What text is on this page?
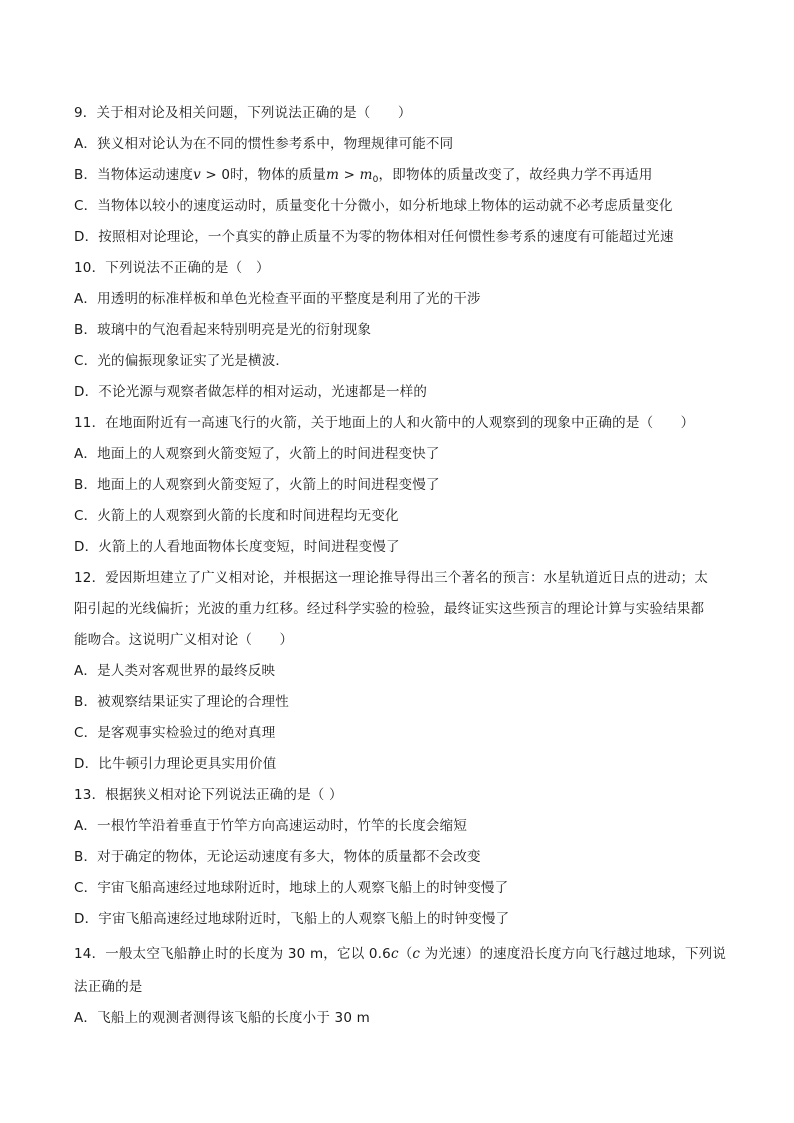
9．关于相对论及相关问题，下列说法正确的是（　　）
A．狭义相对论认为在不同的惯性参考系中，物理规律可能不同
B．当物体运动速度v > 0时，物体的质量$m > m_0$，即物体的质量改变了，故经典力学不再适用
C．当物体以较小的速度运动时，质量变化十分微小，如分析地球上物体的运动就不必考虑质量变化
D．按照相对论理论，一个真实的静止质量不为零的物体相对任何惯性参考系的速度有可能超过光速
10．下列说法不正确的是（　）
A．用透明的标准样板和单色光检查平面的平整度是利用了光的干涉
B．玻璃中的气泡看起来特别明亮是光的衍射现象
C．光的偏振现象证实了光是横波．
D．不论光源与观察者做怎样的相对运动，光速都是一样的
11．在地面附近有一高速飞行的火箭，关于地面上的人和火箭中的人观察到的现象中正确的是（　　）
A．地面上的人观察到火箭变短了，火箭上的时间进程变快了
B．地面上的人观察到火箭变短了，火箭上的时间进程变慢了
C．火箭上的人观察到火箭的长度和时间进程均无变化
D．火箭上的人看地面物体长度变短，时间进程变慢了
12．爱因斯坦建立了广义相对论，并根据这一理论推导得出三个著名的预言：水星轨道近日点的进动；太
阳引起的光线偏折；光波的重力红移。经过科学实验的检验，最终证实这些预言的理论计算与实验结果都
能吻合。这说明广义相对论（　　）
A．是人类对客观世界的最终反映
B．被观察结果证实了理论的合理性
C．是客观事实检验过的绝对真理
D．比牛顿引力理论更具实用价值
13．根据狭义相对论下列说法正确的是（ ）
A．一根竹竿沿着垂直于竹竿方向高速运动时，竹竿的长度会缩短
B．对于确定的物体，无论运动速度有多大，物体的质量都不会改变
C．宇宙飞船高速经过地球附近时，地球上的人观察飞船上的时钟变慢了
D．宇宙飞船高速经过地球附近时，飞船上的人观察飞船上的时钟变慢了
14．一般太空飞船静止时的长度为 30 m，它以 0.6c（c 为光速）的速度沿长度方向飞行越过地球，下列说
法正确的是
A．飞船上的观测者测得该飞船的长度小于 30 m
